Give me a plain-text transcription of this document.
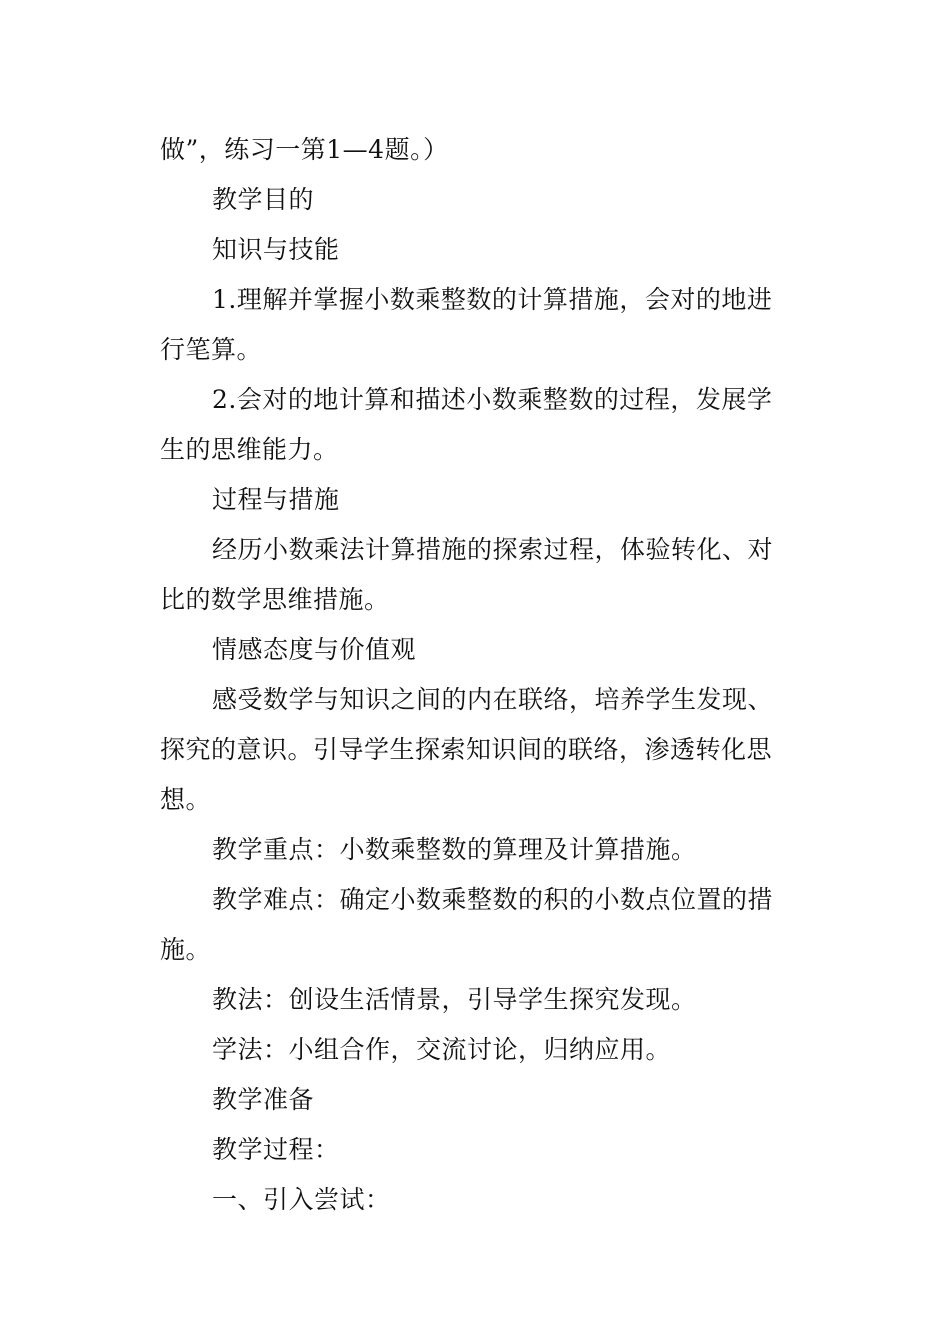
做”，练习一第1—4题。）
教学目的
知识与技能
1.理解并掌握小数乘整数的计算措施，会对的地进
行笔算。
2.会对的地计算和描述小数乘整数的过程，发展学
生的思维能力。
过程与措施
经历小数乘法计算措施的探索过程，体验转化、对
比的数学思维措施。
情感态度与价值观
感受数学与知识之间的内在联络，培养学生发现、
探究的意识。引导学生探索知识间的联络，渗透转化思
想。
教学重点：小数乘整数的算理及计算措施。
教学难点：确定小数乘整数的积的小数点位置的措
施。
教法：创设生活情景，引导学生探究发现。
学法：小组合作，交流讨论，归纳应用。
教学准备
教学过程：
一、引入尝试：
